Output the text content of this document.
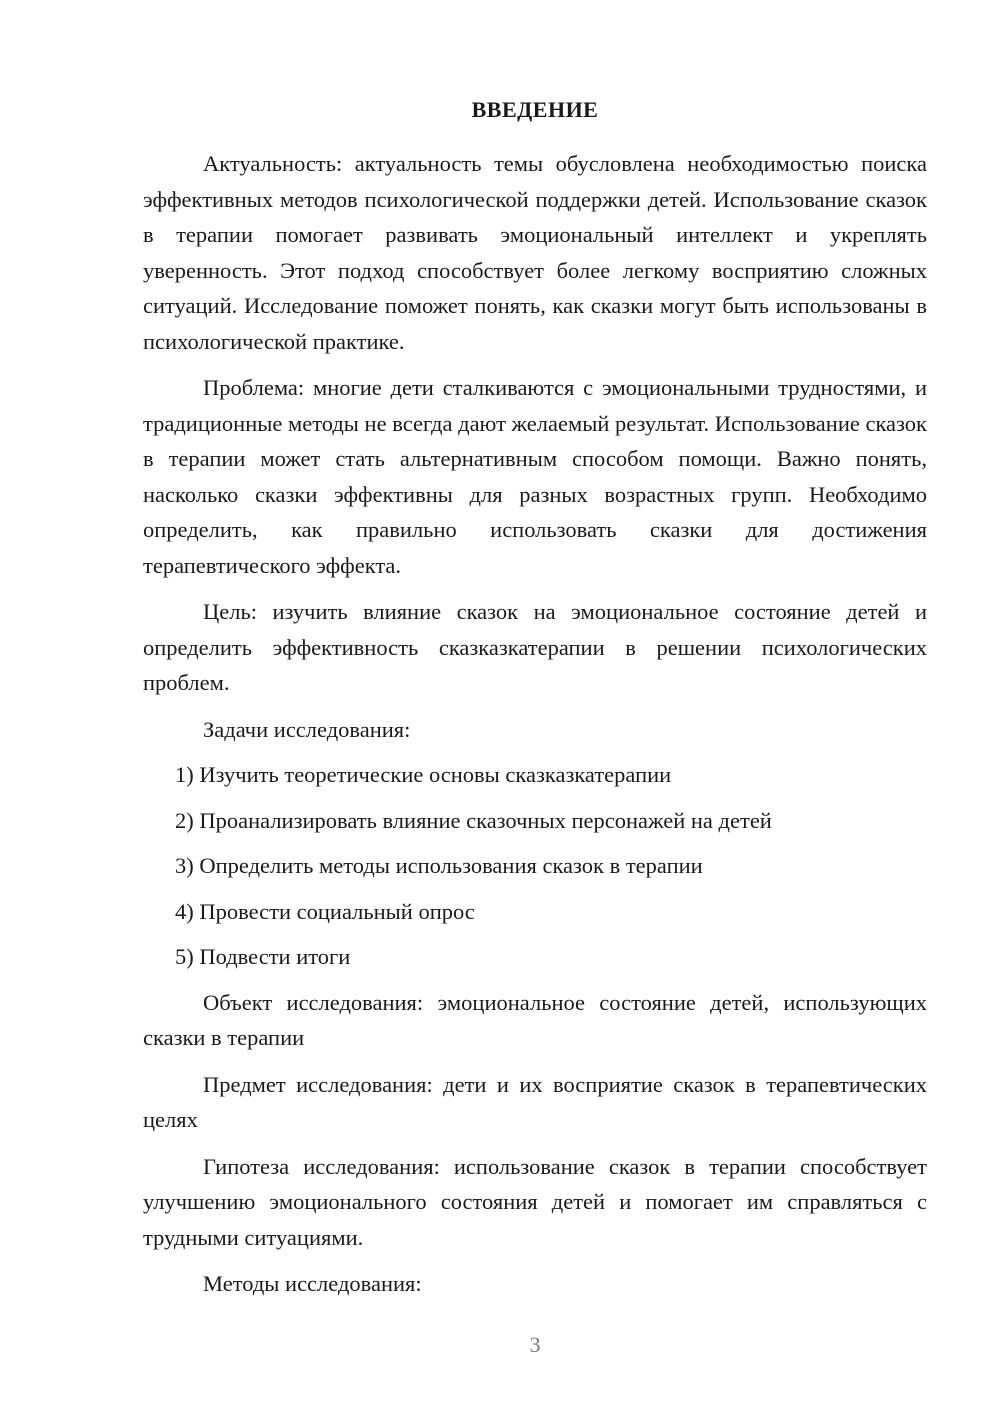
ВВЕДЕНИЕ

Актуальность: актуальность темы обусловлена необходимостью поиска эффективных методов психологической поддержки детей. Использование сказок в терапии помогает развивать эмоциональный интеллект и укреплять уверенность. Этот подход способствует более легкому восприятию сложных ситуаций. Исследование поможет понять, как сказки могут быть использованы в психологической практике.

Проблема: многие дети сталкиваются с эмоциональными трудностями, и традиционные методы не всегда дают желаемый результат. Использование сказок в терапии может стать альтернативным способом помощи. Важно понять, насколько сказки эффективны для разных возрастных групп. Необходимо определить, как правильно использовать сказки для достижения терапевтического эффекта.

Цель: изучить влияние сказок на эмоциональное состояние детей и определить эффективность сказказкатерапии в решении психологических проблем.

Задачи исследования:

1) Изучить теоретические основы сказказкатерапии
2) Проанализировать влияние сказочных персонажей на детей
3) Определить методы использования сказок в терапии
4) Провести социальный опрос
5) Подвести итоги

Объект исследования: эмоциональное состояние детей, использующих сказки в терапии

Предмет исследования: дети и их восприятие сказок в терапевтических целях

Гипотеза исследования: использование сказок в терапии способствует улучшению эмоционального состояния детей и помогает им справляться с трудными ситуациями.

Методы исследования:

3
